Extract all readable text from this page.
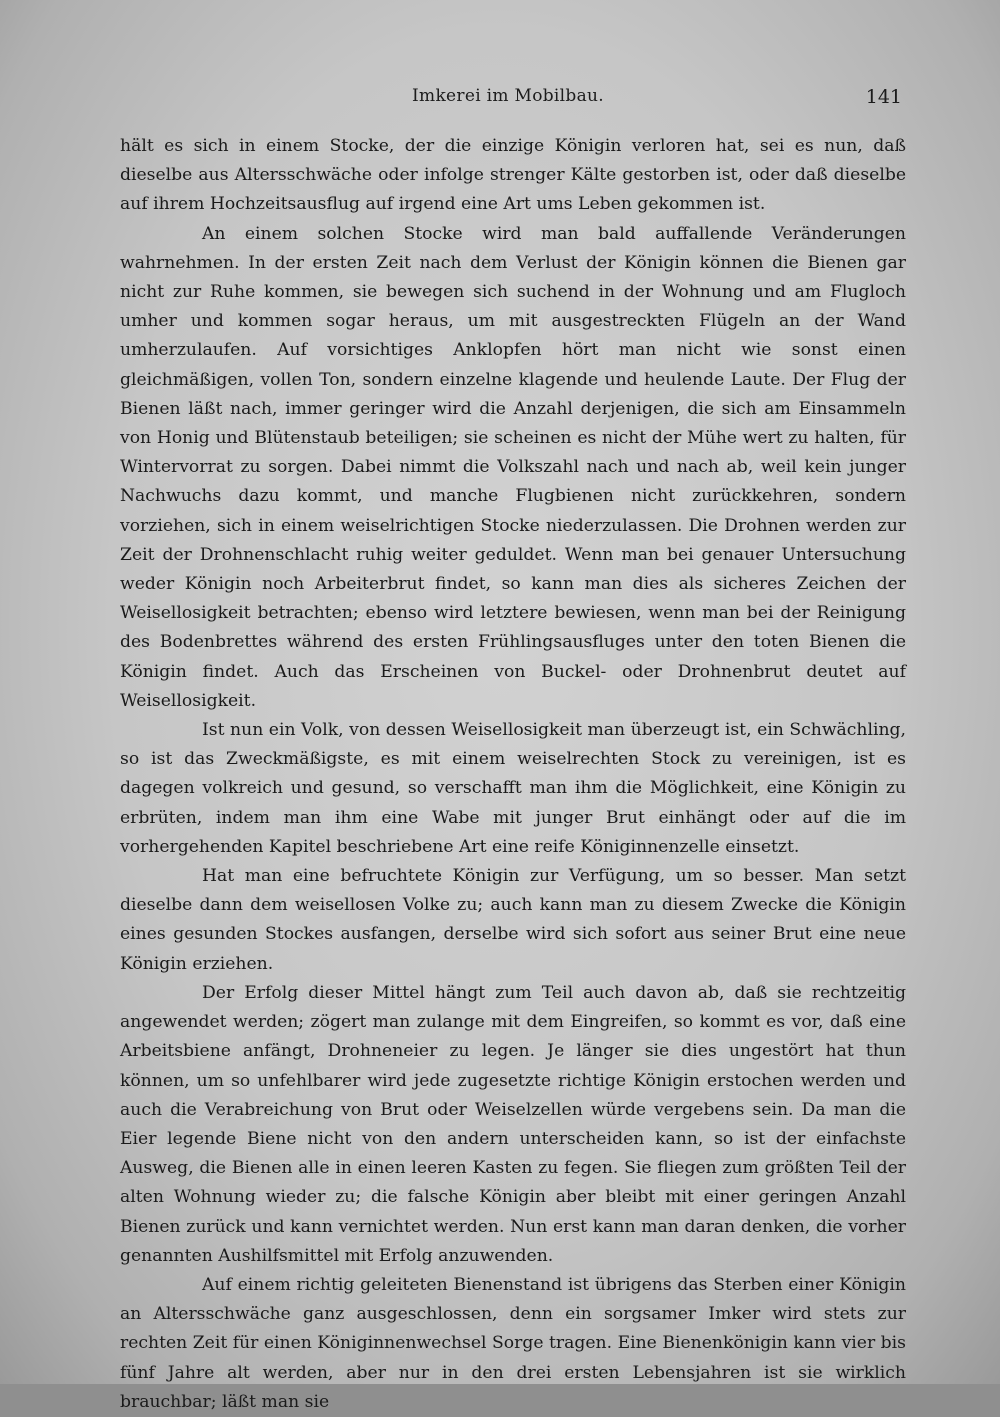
Imkerei im Mobilbau.	141

hält es sich in einem Stocke, der die einzige Königin verloren hat, sei es nun, daß dieselbe aus Altersschwäche oder infolge strenger Kälte gestorben ist, oder daß dieselbe auf ihrem Hochzeitsausflug auf irgend eine Art ums Leben gekommen ist.

An einem solchen Stocke wird man bald auffallende Veränderungen wahrnehmen. In der ersten Zeit nach dem Verlust der Königin können die Bienen gar nicht zur Ruhe kommen, sie bewegen sich suchend in der Wohnung und am Flugloch umher und kommen sogar heraus, um mit ausgestreckten Flügeln an der Wand umherzulaufen. Auf vorsichtiges Anklopfen hört man nicht wie sonst einen gleichmäßigen, vollen Ton, sondern einzelne klagende und heulende Laute. Der Flug der Bienen läßt nach, immer geringer wird die Anzahl derjenigen, die sich am Einsammeln von Honig und Blütenstaub beteiligen; sie scheinen es nicht der Mühe wert zu halten, für Wintervorrat zu sorgen. Dabei nimmt die Volkszahl nach und nach ab, weil kein junger Nachwuchs dazu kommt, und manche Flugbienen nicht zurückkehren, sondern vorziehen, sich in einem weiselrichtigen Stocke niederzulassen. Die Drohnen werden zur Zeit der Drohnenschlacht ruhig weiter geduldet. Wenn man bei genauer Untersuchung weder Königin noch Arbeiterbrut findet, so kann man dies als sicheres Zeichen der Weisellosigkeit betrachten; ebenso wird letztere bewiesen, wenn man bei der Reinigung des Bodenbrettes während des ersten Frühlingsausfluges unter den toten Bienen die Königin findet. Auch das Erscheinen von Buckel- oder Drohnenbrut deutet auf Weisellosigkeit.

Ist nun ein Volk, von dessen Weisellosigkeit man überzeugt ist, ein Schwächling, so ist das Zweckmäßigste, es mit einem weiselrechten Stock zu vereinigen, ist es dagegen volkreich und gesund, so verschafft man ihm die Möglichkeit, eine Königin zu erbrüten, indem man ihm eine Wabe mit junger Brut einhängt oder auf die im vorhergehenden Kapitel beschriebene Art eine reife Königinnenzelle einsetzt.

Hat man eine befruchtete Königin zur Verfügung, um so besser. Man setzt dieselbe dann dem weisellosen Volke zu; auch kann man zu diesem Zwecke die Königin eines gesunden Stockes ausfangen, derselbe wird sich sofort aus seiner Brut eine neue Königin erziehen.

Der Erfolg dieser Mittel hängt zum Teil auch davon ab, daß sie rechtzeitig angewendet werden; zögert man zulange mit dem Eingreifen, so kommt es vor, daß eine Arbeitsbiene anfängt, Drohneneier zu legen. Je länger sie dies ungestört hat thun können, um so unfehlbarer wird jede zugesetzte richtige Königin erstochen werden und auch die Verabreichung von Brut oder Weiselzellen würde vergebens sein. Da man die Eier legende Biene nicht von den andern unterscheiden kann, so ist der einfachste Ausweg, die Bienen alle in einen leeren Kasten zu fegen. Sie fliegen zum größten Teil der alten Wohnung wieder zu; die falsche Königin aber bleibt mit einer geringen Anzahl Bienen zurück und kann vernichtet werden. Nun erst kann man daran denken, die vorher genannten Aushilfsmittel mit Erfolg anzuwenden.

Auf einem richtig geleiteten Bienenstand ist übrigens das Sterben einer Königin an Altersschwäche ganz ausgeschlossen, denn ein sorgsamer Imker wird stets zur rechten Zeit für einen Königinnenwechsel Sorge tragen. Eine Bienenkönigin kann vier bis fünf Jahre alt werden, aber nur in den drei ersten Lebensjahren ist sie wirklich brauchbar; läßt man sie
